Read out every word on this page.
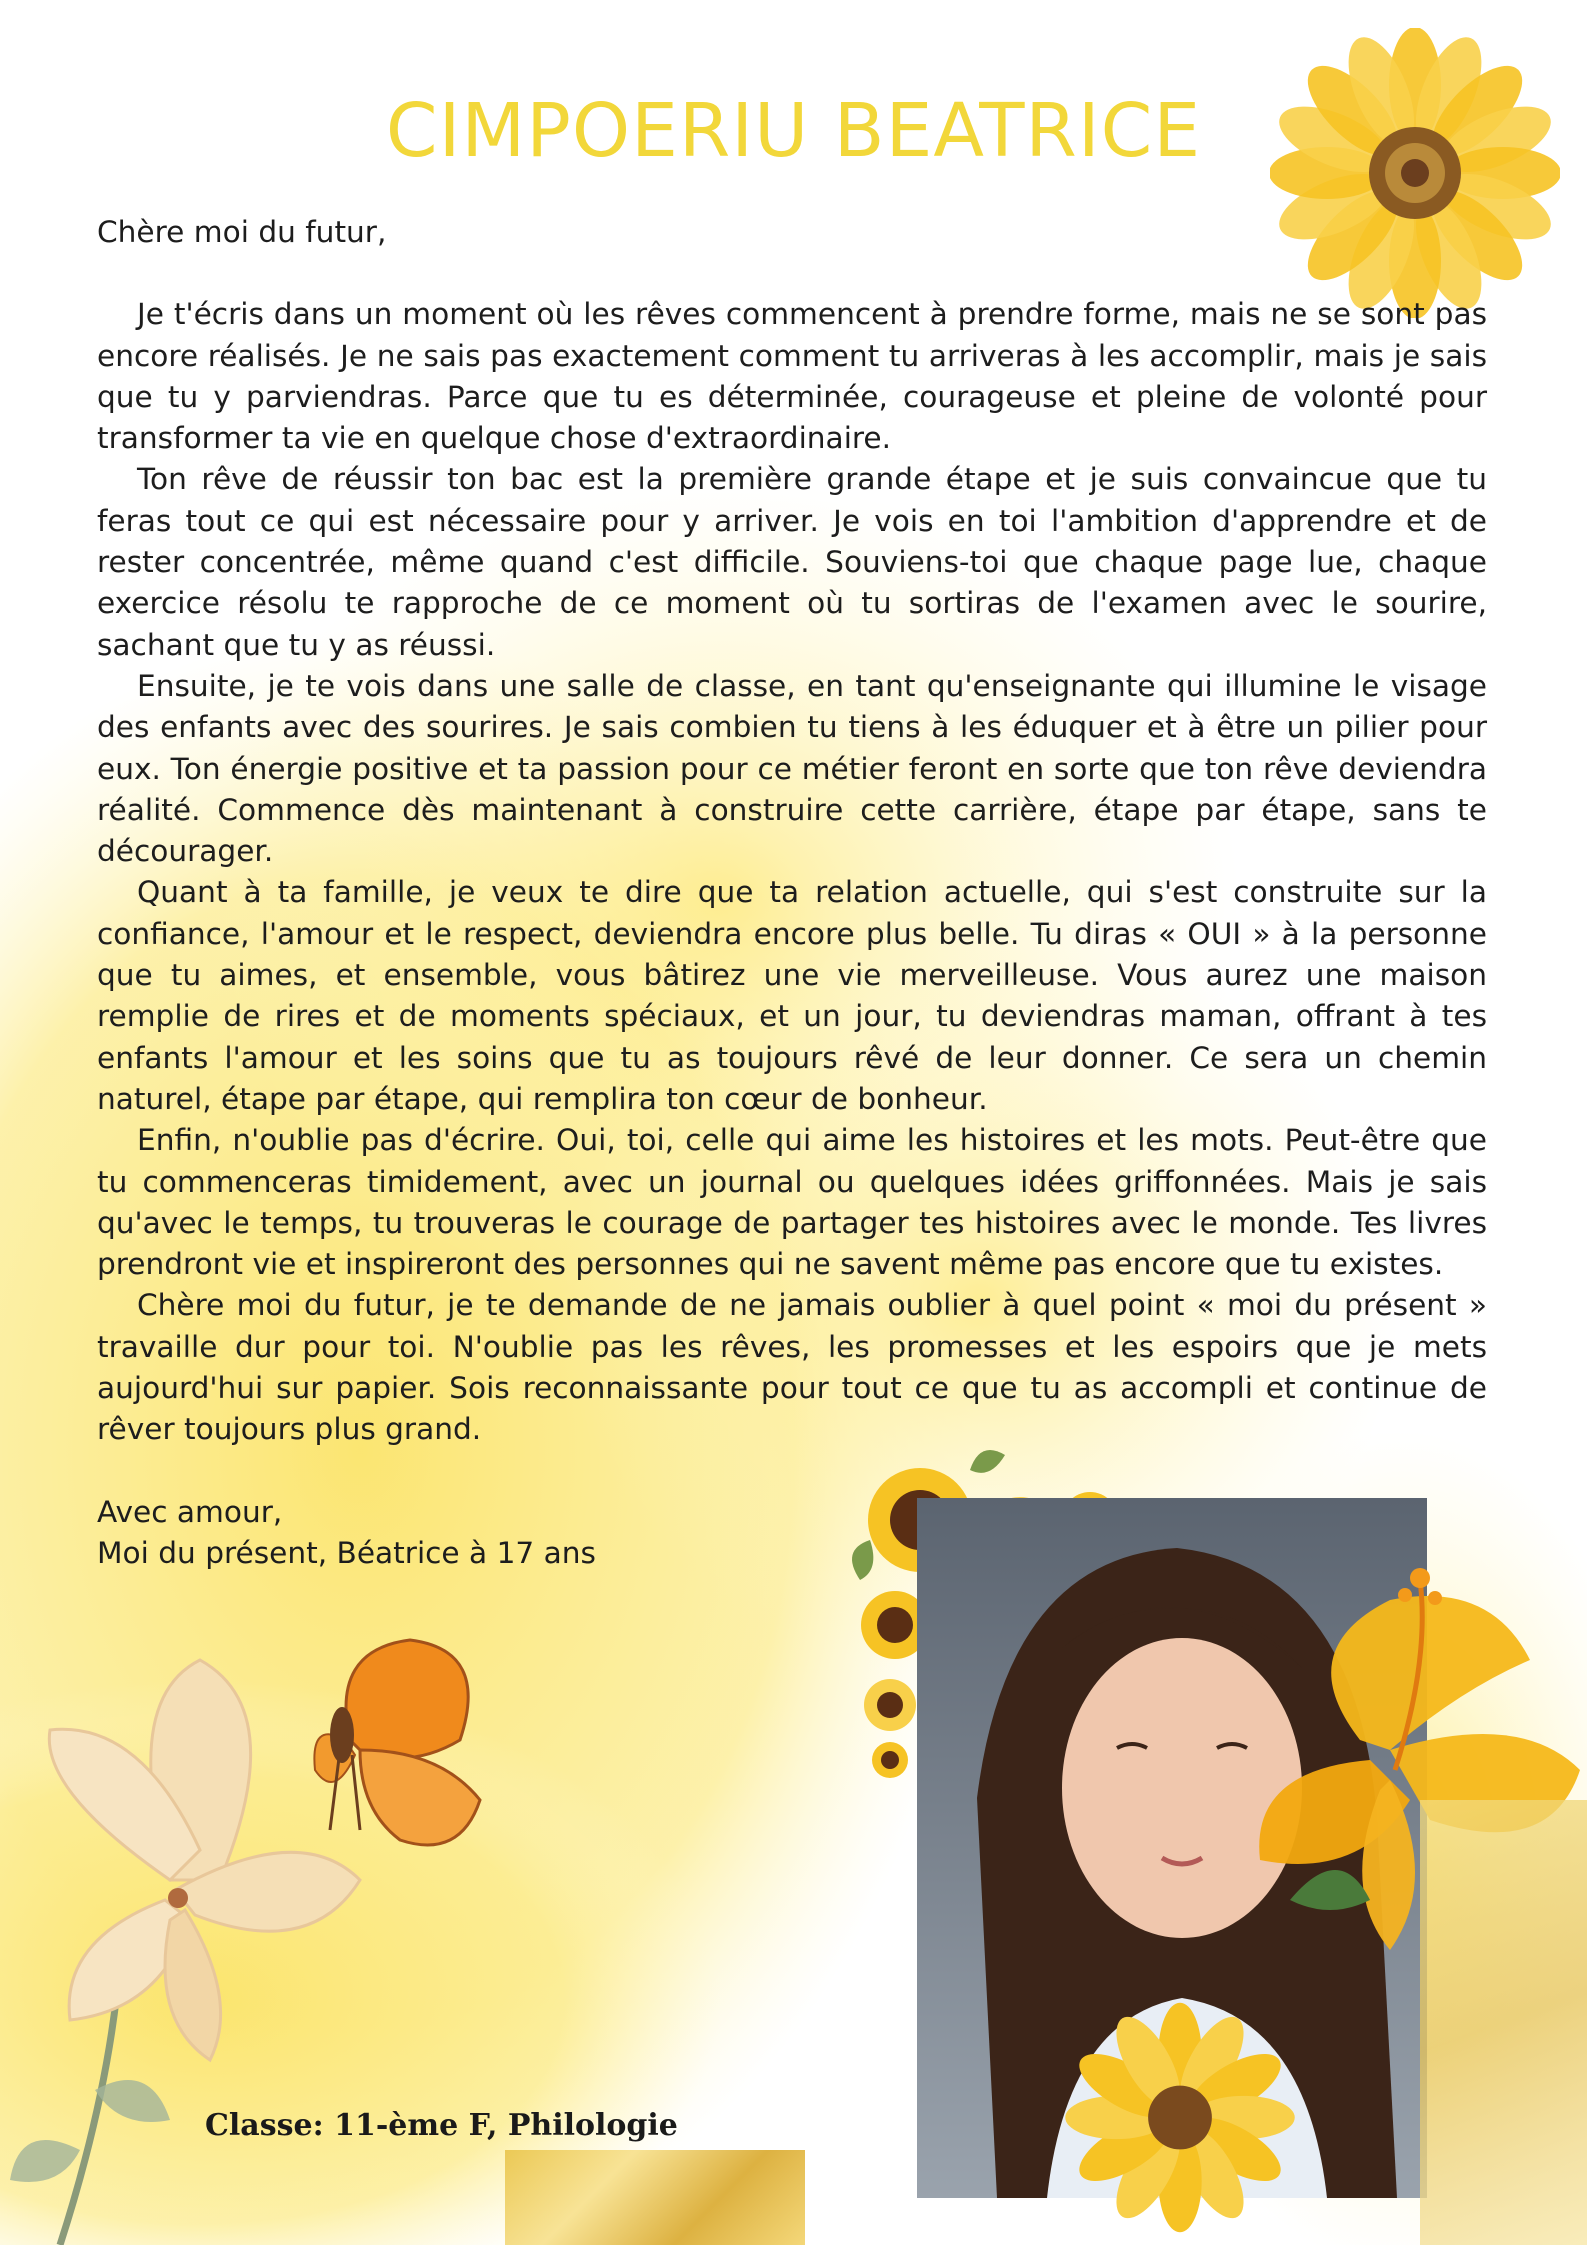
CIMPOERIU BEATRICE

Chère moi du futur,

Je t'écris dans un moment où les rêves commencent à prendre forme, mais ne se sont pas encore réalisés. Je ne sais pas exactement comment tu arriveras à les accomplir, mais je sais que tu y parviendras. Parce que tu es déterminée, courageuse et pleine de volonté pour transformer ta vie en quelque chose d'extraordinaire.

Ton rêve de réussir ton bac est la première grande étape et je suis convaincue que tu feras tout ce qui est nécessaire pour y arriver. Je vois en toi l'ambition d'apprendre et de rester concentrée, même quand c'est difficile. Souviens-toi que chaque page lue, chaque exercice résolu te rapproche de ce moment où tu sortiras de l'examen avec le sourire, sachant que tu y as réussi.

Ensuite, je te vois dans une salle de classe, en tant qu'enseignante qui illumine le visage des enfants avec des sourires. Je sais combien tu tiens à les éduquer et à être un pilier pour eux. Ton énergie positive et ta passion pour ce métier feront en sorte que ton rêve deviendra réalité. Commence dès maintenant à construire cette carrière, étape par étape, sans te décourager.

Quant à ta famille, je veux te dire que ta relation actuelle, qui s'est construite sur la confiance, l'amour et le respect, deviendra encore plus belle. Tu diras « OUI » à la personne que tu aimes, et ensemble, vous bâtirez une vie merveilleuse. Vous aurez une maison remplie de rires et de moments spéciaux, et un jour, tu deviendras maman, offrant à tes enfants l'amour et les soins que tu as toujours rêvé de leur donner. Ce sera un chemin naturel, étape par étape, qui remplira ton cœur de bonheur.

Enfin, n'oublie pas d'écrire. Oui, toi, celle qui aime les histoires et les mots. Peut-être que tu commenceras timidement, avec un journal ou quelques idées griffonnées. Mais je sais qu'avec le temps, tu trouveras le courage de partager tes histoires avec le monde. Tes livres prendront vie et inspireront des personnes qui ne savent même pas encore que tu existes.

Chère moi du futur, je te demande de ne jamais oublier à quel point « moi du présent » travaille dur pour toi. N'oublie pas les rêves, les promesses et les espoirs que je mets aujourd'hui sur papier. Sois reconnaissante pour tout ce que tu as accompli et continue de rêver toujours plus grand.

Avec amour,

Moi du présent, Béatrice à 17 ans

Classe: 11-ème F, Philologie
